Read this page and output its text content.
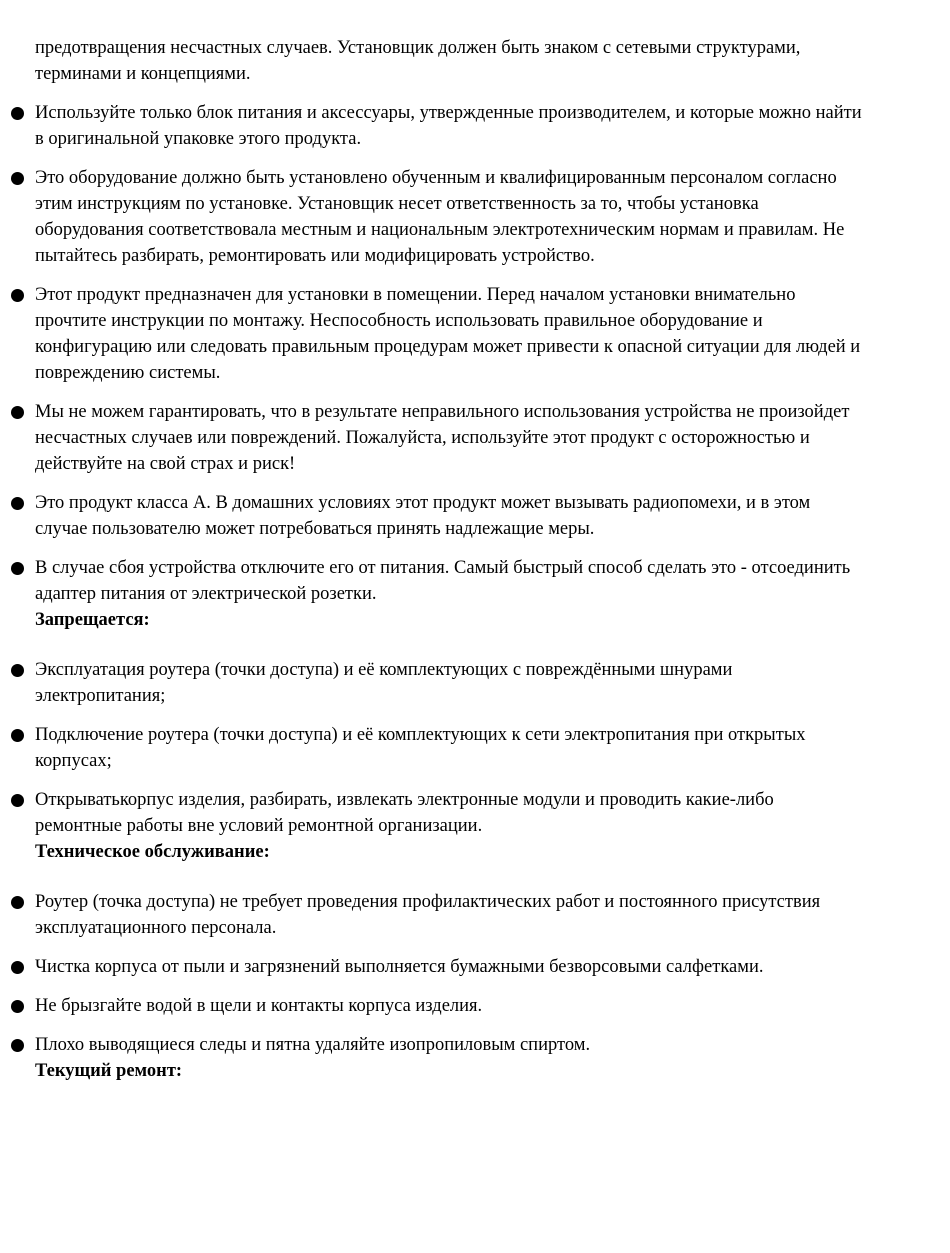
предотвращения несчастных случаев. Установщик должен быть знаком с сетевыми структурами, терминами и концепциями.
Используйте только блок питания и аксессуары, утвержденные производителем, и которые можно найти в оригинальной упаковке этого продукта.
Это оборудование должно быть установлено обученным и квалифицированным персоналом согласно этим инструкциям по установке. Установщик несет ответственность за то, чтобы установка оборудования соответствовала местным и национальным электротехническим нормам и правилам. Не пытайтесь разбирать, ремонтировать или модифицировать устройство.
Этот продукт предназначен для установки в помещении. Перед началом установки внимательно прочтите инструкции по монтажу. Неспособность использовать правильное оборудование и конфигурацию или следовать правильным процедурам может привести к опасной ситуации для людей и повреждению системы.
Мы не можем гарантировать, что в результате неправильного использования устройства не произойдет несчастных случаев или повреждений. Пожалуйста, используйте этот продукт с осторожностью и действуйте на свой страх и риск!
Это продукт класса A. В домашних условиях этот продукт может вызывать радиопомехи, и в этом случае пользователю может потребоваться принять надлежащие меры.
В случае сбоя устройства отключите его от питания. Самый быстрый способ сделать это - отсоединить адаптер питания от электрической розетки.
Запрещается:
Эксплуатация роутера (точки доступа) и её комплектующих с повреждёнными шнурами электропитания;
Подключение роутера (точки доступа) и её комплектующих к сети электропитания при открытых корпусах;
Открыватькорпус изделия, разбирать, извлекать электронные модули и проводить какие-либо ремонтные работы вне условий ремонтной организации.
Техническое обслуживание:
Роутер (точка доступа) не требует проведения профилактических работ и постоянного присутствия эксплуатационного персонала.
Чистка корпуса от пыли и загрязнений выполняется бумажными безворсовыми салфетками.
Не брызгайте водой в щели и контакты корпуса изделия.
Плохо выводящиеся следы и пятна удаляйте изопропиловым спиртом.
Текущий ремонт:
